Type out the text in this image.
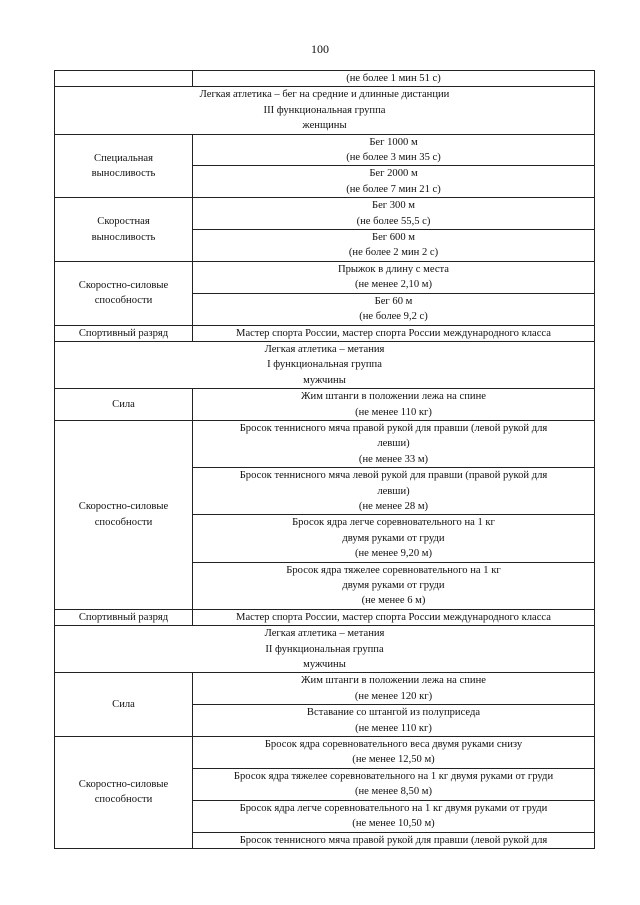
100

	(не более 1 мин 51 с)

Легкая атлетика – бег на средние и длинные дистанции
III функциональная группа
женщины	

Специальная
выносливость	Бег 1000 м
(не более 3 мин 35 с)

	Бег 2000 м
(не более 7 мин 21 с)

Скоростная
выносливость	Бег 300 м
(не более 55,5 с)

	Бег 600 м
(не более 2 мин 2 с)

Скоростно-силовые
способности	Прыжок в длину с места
(не менее 2,10 м)

	Бег 60 м
(не более 9,2 с)

Спортивный разряд	Мастер спорта России, мастер спорта России международного класса

Легкая атлетика – метания
I функциональная группа
мужчины	

Сила	Жим штанги в положении лежа на спине
(не менее 110 кг)

Скоростно-силовые
способности	Бросок теннисного мяча правой рукой для правши (левой рукой для
левши)
(не менее 33 м)

	Бросок теннисного мяча левой рукой для правши (правой рукой для
левши)
(не менее 28 м)

	Бросок ядра легче соревновательного на 1 кг
двумя руками от груди
(не менее 9,20 м)

	Бросок ядра тяжелее соревновательного на 1 кг
двумя руками от груди
(не менее 6 м)

Спортивный разряд	Мастер спорта России, мастер спорта России международного класса

Легкая атлетика – метания
II функциональная группа
мужчины	

Сила	Жим штанги в положении лежа на спине
(не менее 120 кг)

	Вставание со штангой из полуприседа
(не менее 110 кг)

Скоростно-силовые
способности	Бросок ядра соревновательного веса двумя руками снизу
(не менее 12,50 м)

	Бросок ядра тяжелее соревновательного на 1 кг двумя руками от груди
(не менее 8,50 м)

	Бросок ядра легче соревновательного на 1 кг двумя руками от груди
(не менее 10,50 м)

	Бросок теннисного мяча правой рукой для правши (левой рукой для
